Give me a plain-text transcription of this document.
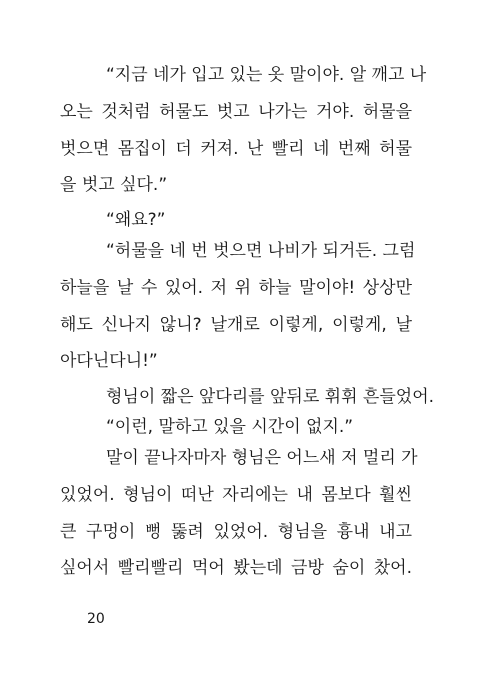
“지금 네가 입고 있는 옷 말이야. 알 깨고 나
오는 것처럼 허물도 벗고 나가는 거야. 허물을
벗으면 몸집이 더 커져. 난 빨리 네 번째 허물
을 벗고 싶다.”
“왜요?”
“허물을 네 번 벗으면 나비가 되거든. 그럼
하늘을 날 수 있어. 저 위 하늘 말이야! 상상만
해도 신나지 않니? 날개로 이렇게, 이렇게, 날
아다닌다니!”
형님이 짧은 앞다리를 앞뒤로 휘휘 흔들었어.
“이런, 말하고 있을 시간이 없지.”
말이 끝나자마자 형님은 어느새 저 멀리 가
있었어. 형님이 떠난 자리에는 내 몸보다 훨씬
큰 구멍이 뻥 뚫려 있었어. 형님을 흉내 내고
싶어서 빨리빨리 먹어 봤는데 금방 숨이 찼어.
20
